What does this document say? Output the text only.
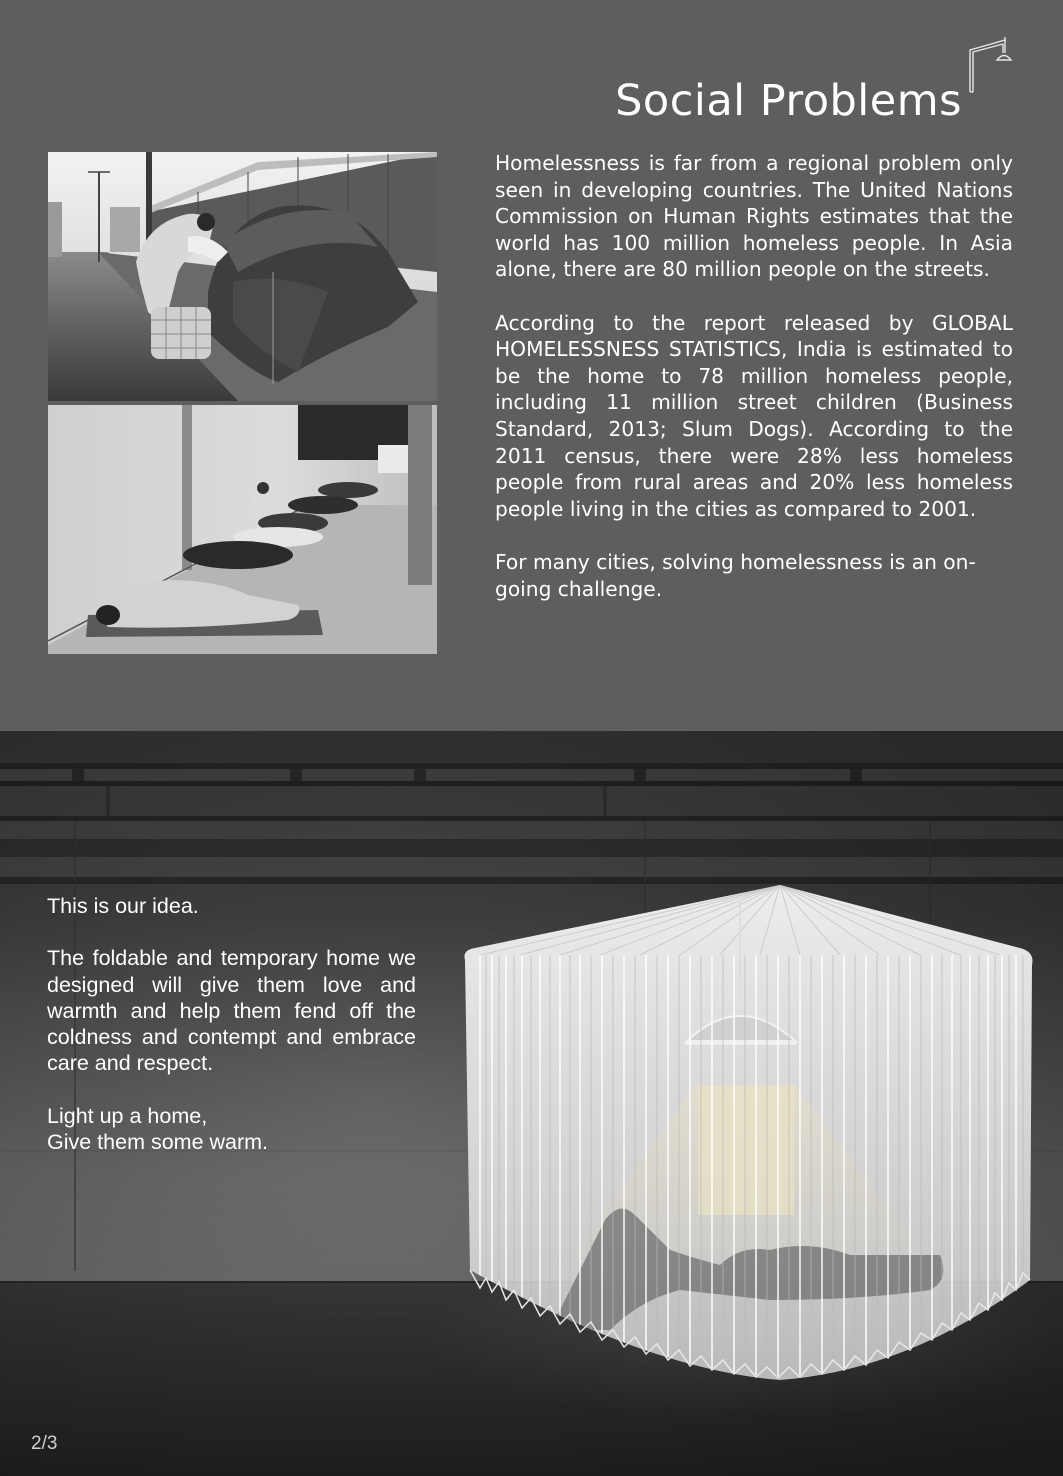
Social Problems

Homelessness is far from a regional problem only seen in developing countries. The United Nations Commission on Human Rights estimates that the world has 100 million homeless people. In Asia alone, there are 80 million people on the streets.

According to the report released by GLOBAL HOMELESSNESS STATISTICS, India is estimated to be the home to 78 million homeless people, including 11 million street children (Business Standard, 2013; Slum Dogs). According to the 2011 census, there were 28% less homeless people from rural areas and 20% less homeless people living in the cities as compared to 2001.

For many cities, solving homelessness is an ongoing challenge.

This is our idea.

The foldable and temporary home we designed will give them love and warmth and help them fend off the coldness and contempt and embrace care and respect.

Light up a home,
Give them some warm.

2/3
